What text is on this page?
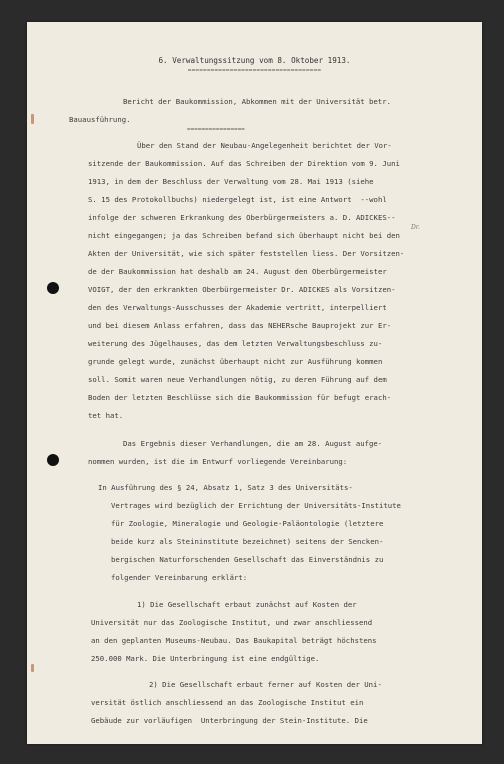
6. Verwaltungssitzung vom 8. Oktober 1913.
===================================
Bericht der Baukommission, Abkommen mit der Universität betr.
Bauausführung.
================
Dr.
Über den Stand der Neubau-Angelegenheit berichtet der Vor-
sitzende der Baukommission. Auf das Schreiben der Direktion vom 9. Juni
1913, in dem der Beschluss der Verwaltung vom 28. Mai 1913 (siehe
S. 15 des Protokollbuchs) niedergelegt ist, ist eine Antwort  --wohl
infolge der schweren Erkrankung des Oberbürgermeisters a. D. ADICKES--
nicht eingegangen; ja das Schreiben befand sich überhaupt nicht bei den
Akten der Universität, wie sich später feststellen liess. Der Vorsitzen-
de der Baukommission hat deshalb am 24. August den Oberbürgermeister
VOIGT, der den erkrankten Oberbürgermeister Dr. ADICKES als Vorsitzen-
den des Verwaltungs-Ausschusses der Akademie vertritt, interpelliert
und bei diesem Anlass erfahren, dass das NEHERsche Bauprojekt zur Er-
weiterung des Jügelhauses, das dem letzten Verwaltungsbeschluss zu-
grunde gelegt wurde, zunächst überhaupt nicht zur Ausführung kommen
soll. Somit waren neue Verhandlungen nötig, zu deren Führung auf dem
Boden der letzten Beschlüsse sich die Baukommission für befugt erach-
tet hat.
Das Ergebnis dieser Verhandlungen, die am 28. August aufge-
nommen wurden, ist die im Entwurf vorliegende Vereinbarung:
In Ausführung des § 24, Absatz 1, Satz 3 des Universitäts-
Vertrages wird bezüglich der Errichtung der Universitäts-Institute
für Zoologie, Mineralogie und Geologie-Paläontologie (letztere
beide kurz als Steininstitute bezeichnet) seitens der Sencken-
bergischen Naturforschenden Gesellschaft das Einverständnis zu
folgender Vereinbarung erklärt:
1) Die Gesellschaft erbaut zunächst auf Kosten der
Universität nur das Zoologische Institut, und zwar anschliessend
an den geplanten Museums-Neubau. Das Baukapital beträgt höchstens
250.000 Mark. Die Unterbringung ist eine endgültige.
2) Die Gesellschaft erbaut ferner auf Kosten der Uni-
versität östlich anschliessend an das Zoologische Institut ein
Gebäude zur vorläufigen  Unterbringung der Stein-Institute. Die
